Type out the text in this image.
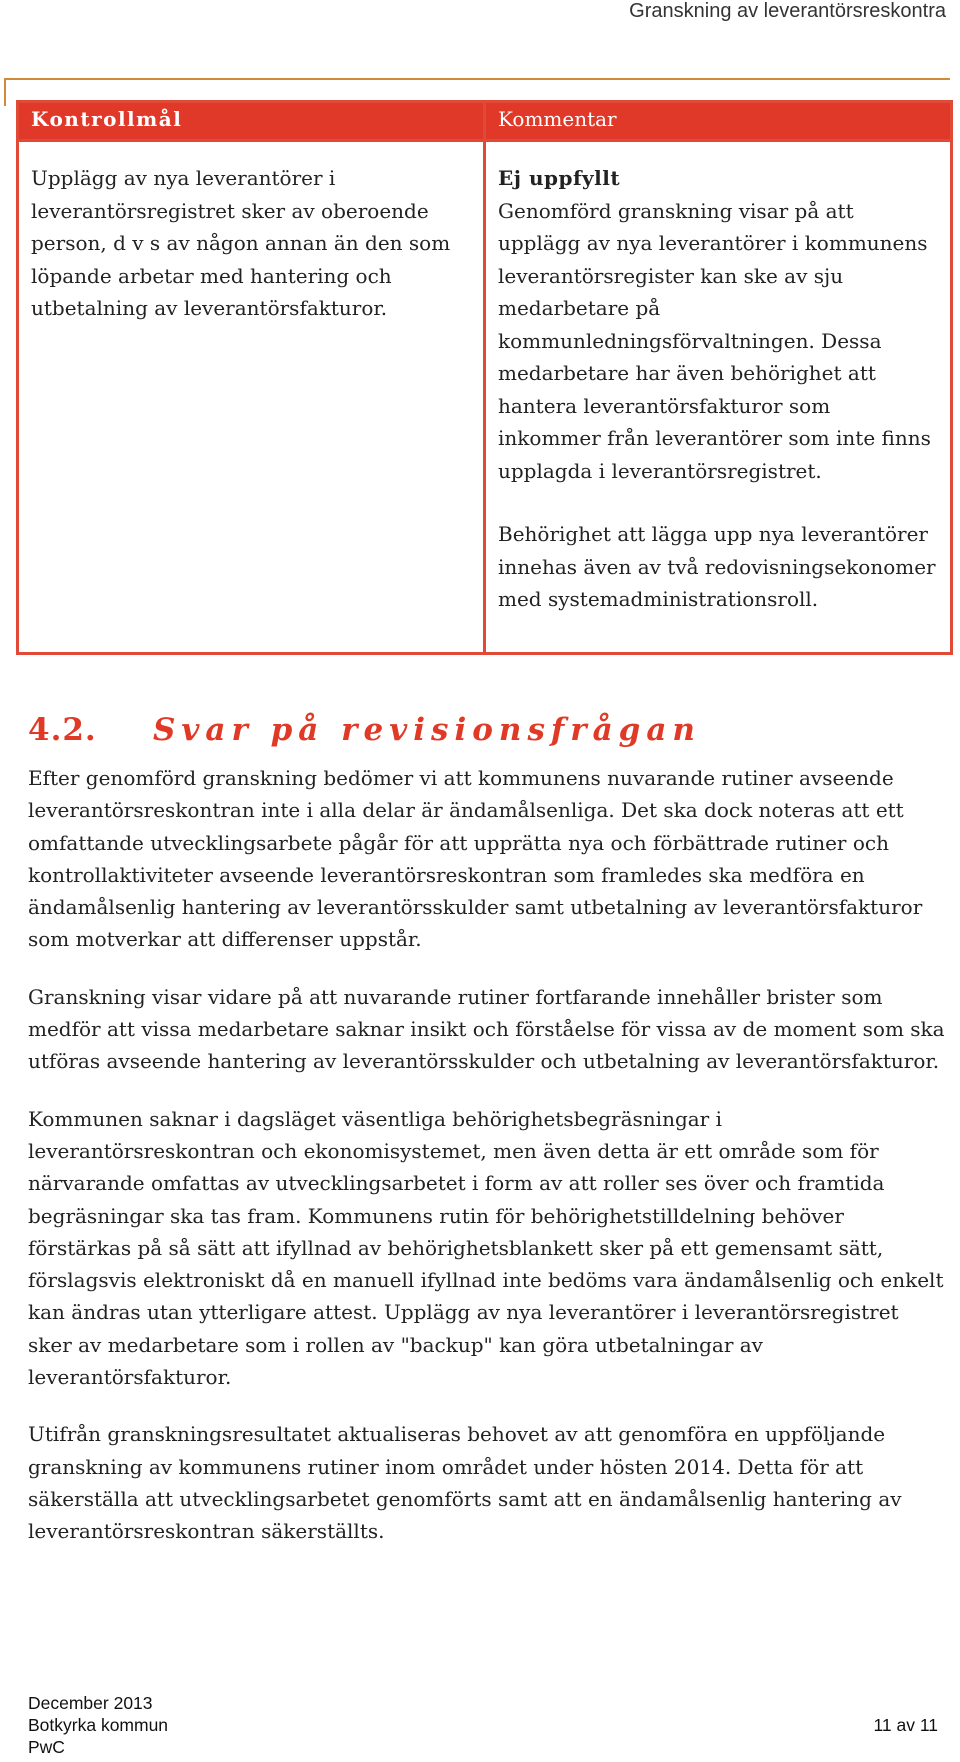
Granskning av leverantörsreskontra
Kontrollmål	Kommentar

Upplägg av nya leverantörer i leverantörsregistret sker av oberoende person, d v s av någon annan än den som löpande arbetar med hantering och utbetalning av leverantörsfakturor.	Ej uppfyllt
Genomförd granskning visar på att upplägg av nya leverantörer i kommunens leverantörsregister kan ske av sju medarbetare på kommunledningsförvaltningen. Dessa medarbetare har även behörighet att hantera leverantörsfakturor som inkommer från leverantörer som inte finns upplagda i leverantörsregistret.
Behörighet att lägga upp nya leverantörer innehas även av två redovisningsekonomer med systemadministrationsroll.
4.2. Svar på revisionsfrågan

Efter genomförd granskning bedömer vi att kommunens nuvarande rutiner avseende leverantörsreskontran inte i alla delar är ändamålsenliga. Det ska dock noteras att ett omfattande utvecklingsarbete pågår för att upprätta nya och förbättrade rutiner och kontrollaktiviteter avseende leverantörsreskontran som framledes ska medföra en ändamålsenlig hantering av leverantörsskulder samt utbetalning av leverantörsfakturor som motverkar att differenser uppstår.

Granskning visar vidare på att nuvarande rutiner fortfarande innehåller brister som medför att vissa medarbetare saknar insikt och förståelse för vissa av de moment som ska utföras avseende hantering av leverantörsskulder och utbetalning av leverantörsfakturor.

Kommunen saknar i dagsläget väsentliga behörighetsbegräsningar i leverantörsreskontran och ekonomisystemet, men även detta är ett område som för närvarande omfattas av utvecklingsarbetet i form av att roller ses över och framtida begräsningar ska tas fram. Kommunens rutin för behörighetstilldelning behöver förstärkas på så sätt att ifyllnad av behörighetsblankett sker på ett gemensamt sätt, förslagsvis elektroniskt då en manuell ifyllnad inte bedöms vara ändamålsenlig och enkelt kan ändras utan ytterligare attest. Upplägg av nya leverantörer i leverantörsregistret sker av medarbetare som i rollen av "backup" kan göra utbetalningar av leverantörsfakturor.

Utifrån granskningsresultatet aktualiseras behovet av att genomföra en uppföljande granskning av kommunens rutiner inom området under hösten 2014. Detta för att säkerställa att utvecklingsarbetet genomförts samt att en ändamålsenlig hantering av leverantörsreskontran säkerställts.

December 2013
Botkyrka kommun
PwC
11 av 11
